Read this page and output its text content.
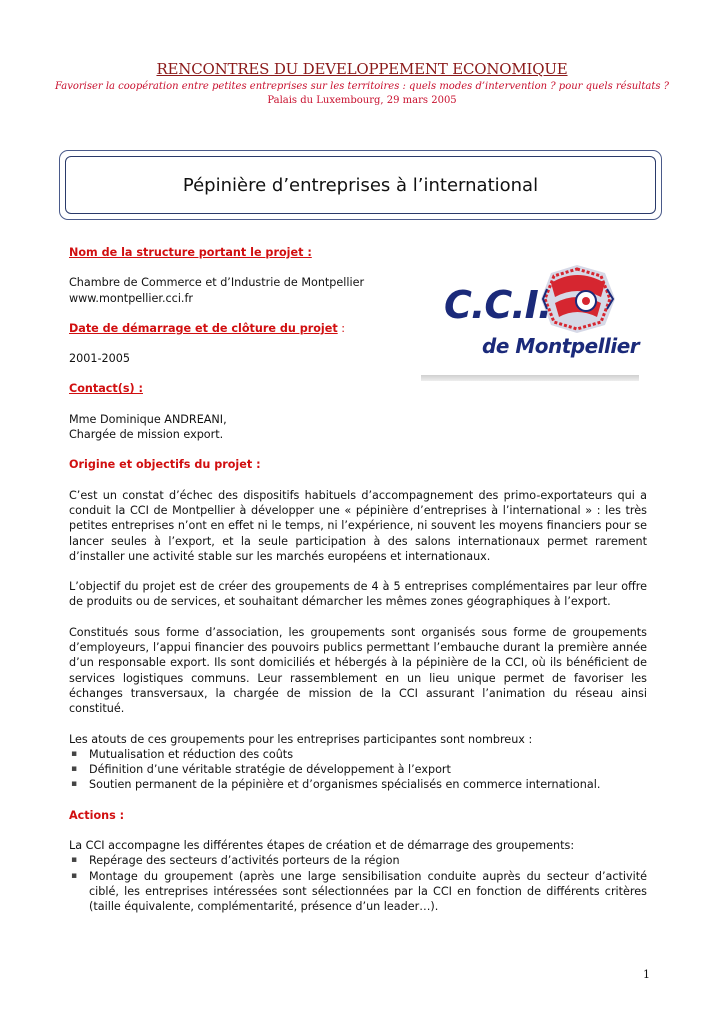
RENCONTRES DU DEVELOPPEMENT ECONOMIQUE
Favoriser la coopération entre petites entreprises sur les territoires : quels modes d’intervention ? pour quels résultats ?
Palais du Luxembourg, 29 mars 2005
Pépinière d’entreprises à l’international
C.C.I.
de Montpellier
Nom de la structure portant le projet :
Chambre de Commerce et d’Industrie de Montpellier
www.montpellier.cci.fr
Date de démarrage et de clôture du projet :
2001-2005
Contact(s) :
Mme Dominique ANDREANI,
Chargée de mission export.
Origine et objectifs du projet :

C’est un constat d’échec des dispositifs habituels d’accompagnement des primo-exportateurs qui a conduit la CCI de Montpellier à développer une « pépinière d’entreprises à l’international » : les très petites entreprises n’ont en effet ni le temps, ni l’expérience, ni souvent les moyens financiers pour se lancer seules à l’export, et la seule participation à des salons internationaux permet rarement d’installer une activité stable sur les marchés européens et internationaux.

L’objectif du projet est de créer des groupements de 4 à 5 entreprises complémentaires par leur offre de produits ou de services, et souhaitant démarcher les mêmes zones géographiques à l’export.

Constitués sous forme d’association, les groupements sont organisés sous forme de groupements d’employeurs, l’appui financier des pouvoirs publics permettant l’embauche durant la première année d’un responsable export. Ils sont domiciliés et hébergés à la pépinière de la CCI, où ils bénéficient de services logistiques communs. Leur rassemblement en un lieu unique permet de favoriser les échanges transversaux, la chargée de mission de la CCI assurant l’animation du réseau ainsi constitué.

Les atouts de ces groupements pour les entreprises participantes sont nombreux :

▪ Mutualisation et réduction des coûts
▪ Définition d’une véritable stratégie de développement à l’export
▪ Soutien permanent de la pépinière et d’organismes spécialisés en commerce international.
Actions :

La CCI accompagne les différentes étapes de création et de démarrage des groupements:

▪ Repérage des secteurs d’activités porteurs de la région
▪ Montage du groupement (après une large sensibilisation conduite auprès du secteur d’activité ciblé, les entreprises intéressées sont sélectionnées par la CCI en fonction de différents critères (taille équivalente, complémentarité, présence d’un leader…).
1
